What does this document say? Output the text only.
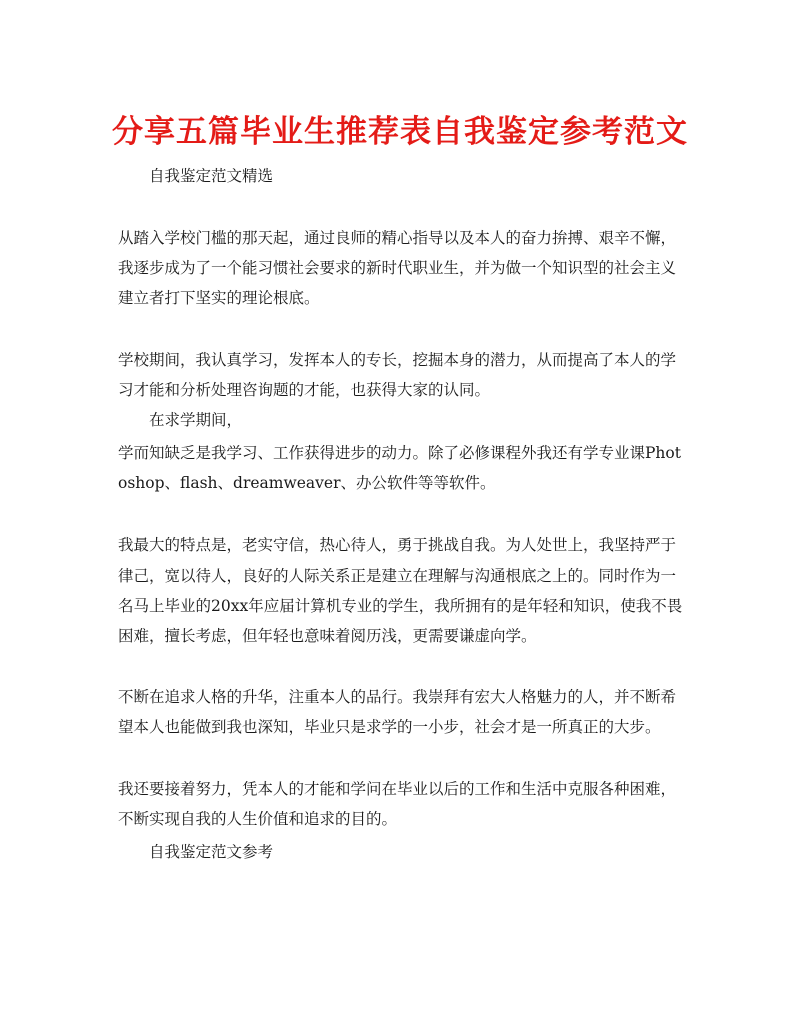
分享五篇毕业生推荐表自我鉴定参考范文

自我鉴定范文精选

从踏入学校门槛的那天起，通过良师的精心指导以及本人的奋力拚搏、艰辛不懈，

我逐步成为了一个能习惯社会要求的新时代职业生，并为做一个知识型的社会主义

建立者打下坚实的理论根底。

学校期间，我认真学习，发挥本人的专长，挖掘本身的潜力，从而提高了本人的学

习才能和分析处理咨询题的才能，也获得大家的认同。

在求学期间，

学而知缺乏是我学习、工作获得进步的动力。除了必修课程外我还有学专业课Phot

oshop、flash、dreamweaver、办公软件等等软件。

我最大的特点是，老实守信，热心待人，勇于挑战自我。为人处世上，我坚持严于

律己，宽以待人，良好的人际关系正是建立在理解与沟通根底之上的。同时作为一

名马上毕业的20xx年应届计算机专业的学生，我所拥有的是年轻和知识，使我不畏

困难，擅长考虑，但年轻也意味着阅历浅，更需要谦虚向学。

不断在追求人格的升华，注重本人的品行。我崇拜有宏大人格魅力的人，并不断希

望本人也能做到我也深知，毕业只是求学的一小步，社会才是一所真正的大步。

我还要接着努力，凭本人的才能和学问在毕业以后的工作和生活中克服各种困难，

不断实现自我的人生价值和追求的目的。

自我鉴定范文参考
